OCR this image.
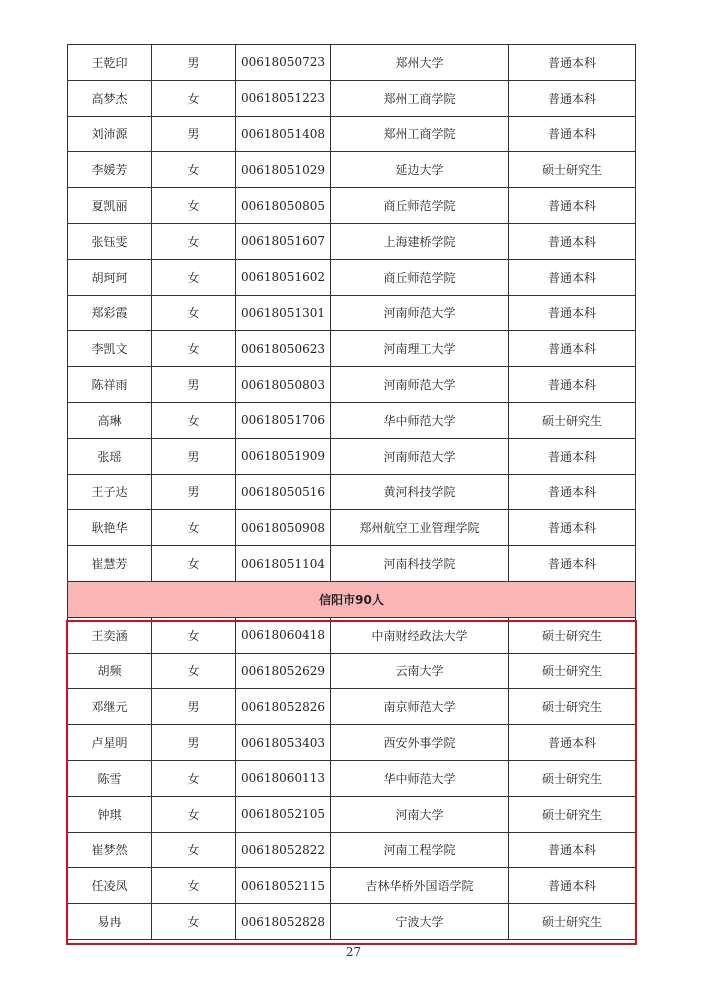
王乾印	男	00618050723	郑州大学	普通本科
高梦杰	女	00618051223	郑州工商学院	普通本科
刘沛源	男	00618051408	郑州工商学院	普通本科
李媛芳	女	00618051029	延边大学	硕士研究生
夏凯丽	女	00618050805	商丘师范学院	普通本科
张钰雯	女	00618051607	上海建桥学院	普通本科
胡珂珂	女	00618051602	商丘师范学院	普通本科
郑彩霞	女	00618051301	河南师范大学	普通本科
李凯文	女	00618050623	河南理工大学	普通本科
陈祥雨	男	00618050803	河南师范大学	普通本科
高琳	女	00618051706	华中师范大学	硕士研究生
张瑶	男	00618051909	河南师范大学	普通本科
王子达	男	00618050516	黄河科技学院	普通本科
耿艳华	女	00618050908	郑州航空工业管理学院	普通本科
崔慧芳	女	00618051104	河南科技学院	普通本科
信阳市90人				
王奕涵	女	00618060418	中南财经政法大学	硕士研究生
胡频	女	00618052629	云南大学	硕士研究生
邓继元	男	00618052826	南京师范大学	硕士研究生
卢星明	男	00618053403	西安外事学院	普通本科
陈雪	女	00618060113	华中师范大学	硕士研究生
钟琪	女	00618052105	河南大学	硕士研究生
崔梦然	女	00618052822	河南工程学院	普通本科
任凌凤	女	00618052115	吉林华桥外国语学院	普通本科
易冉	女	00618052828	宁波大学	硕士研究生
27
